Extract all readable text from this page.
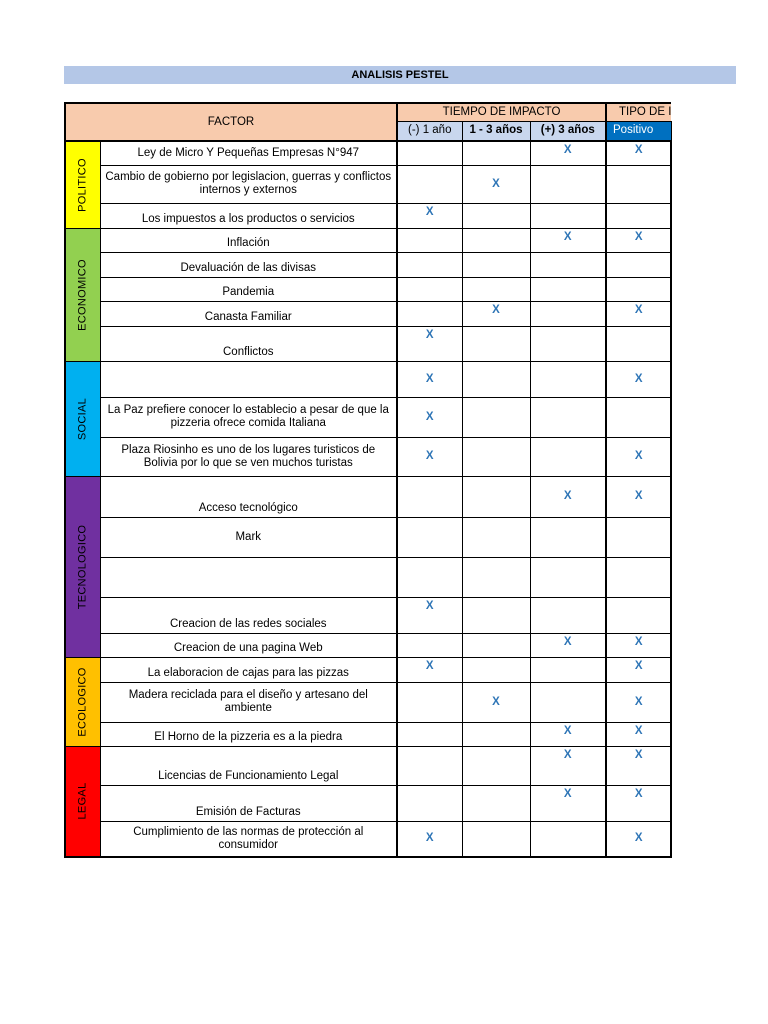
ANALISIS PESTEL
FACTOR		TIEMPO DE IMPACTO			TIPO DE I
		(-) 1 año	1 - 3 años	(+) 3 años	Positivo

POLITICO	Ley de Micro Y Pequeñas Empresas N°947			X	X
	Cambio de gobierno por legislacion, guerras y conflictos internos y externos		X		
	Los impuestos a los productos o servicios	X			

ECONOMICO	Inflación			X	X
	Devaluación de las divisas				
	Pandemia				
	Canasta Familiar		X		X
	Conflictos	X			

SOCIAL		X			X
	La Paz prefiere conocer lo establecio a pesar de que la pizzeria ofrece comida Italiana	X			
	Plaza Riosinho es uno de los lugares turisticos de Bolivia por lo que se ven muchos turistas	X			X

TECNOLOGICO	Acceso tecnológico			X	X
	Mark				

	Creacion de las redes sociales	X			
	Creacion de una pagina Web			X	X

ECOLOGICO	La elaboracion de cajas para las pizzas	X			X
	Madera reciclada para el diseño y artesano del ambiente		X		X
	El Horno de la pizzeria es a la piedra			X	X

LEGAL	Licencias de Funcionamiento Legal			X	X
	Emisión de Facturas			X	X
	Cumplimiento de las normas de protección al consumidor	X			X
